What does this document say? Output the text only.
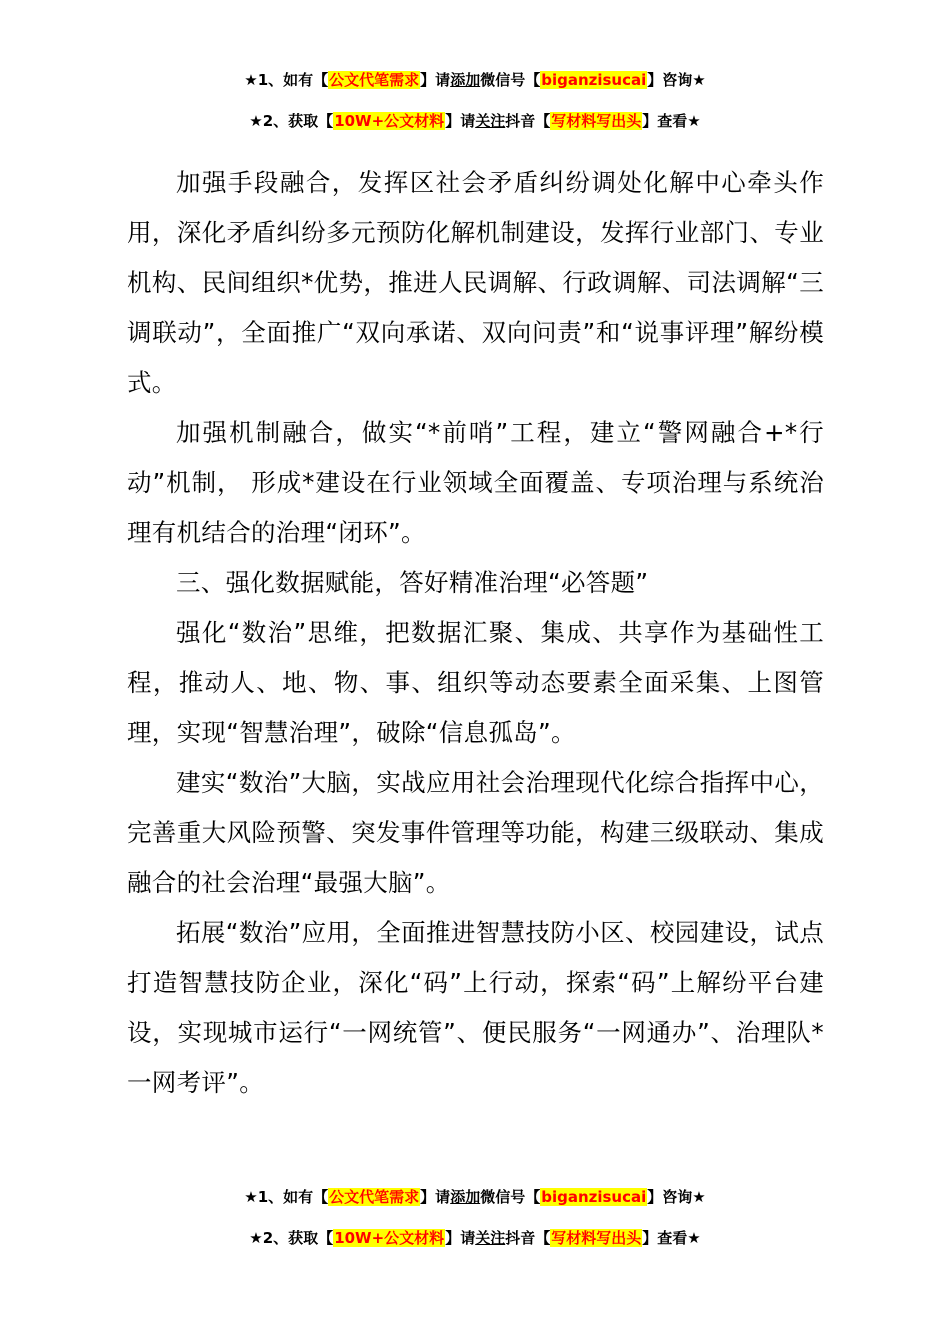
★1、如有【公文代笔需求】请添加微信号【biganzisucai】咨询★
★2、获取【10W+公文材料】请关注抖音【写材料写出头】查看★

加强手段融合，发挥区社会矛盾纠纷调处化解中心牵头作用，深化矛盾纠纷多元预防化解机制建设，发挥行业部门、专业机构、民间组织*优势，推进人民调解、行政调解、司法调解“三调联动”，全面推广“双向承诺、双向问责”和“说事评理”解纷模式。

加强机制融合，做实“*前哨”工程，建立“警网融合+*行动”机制， 形成*建设在行业领域全面覆盖、专项治理与系统治理有机结合的治理“闭环”。

三、强化数据赋能，答好精准治理“必答题”

强化“数治”思维，把数据汇聚、集成、共享作为基础性工程，推动人、地、物、事、组织等动态要素全面采集、上图管理，实现“智慧治理”，破除“信息孤岛”。

建实“数治”大脑，实战应用社会治理现代化综合指挥中心，完善重大风险预警、突发事件管理等功能，构建三级联动、集成融合的社会治理“最强大脑”。

拓展“数治”应用，全面推进智慧技防小区、校园建设，试点打造智慧技防企业，深化“码”上行动，探索“码”上解纷平台建设，实现城市运行“一网统管”、便民服务“一网通办”、治理队*一网考评”。

★1、如有【公文代笔需求】请添加微信号【biganzisucai】咨询★
★2、获取【10W+公文材料】请关注抖音【写材料写出头】查看★
